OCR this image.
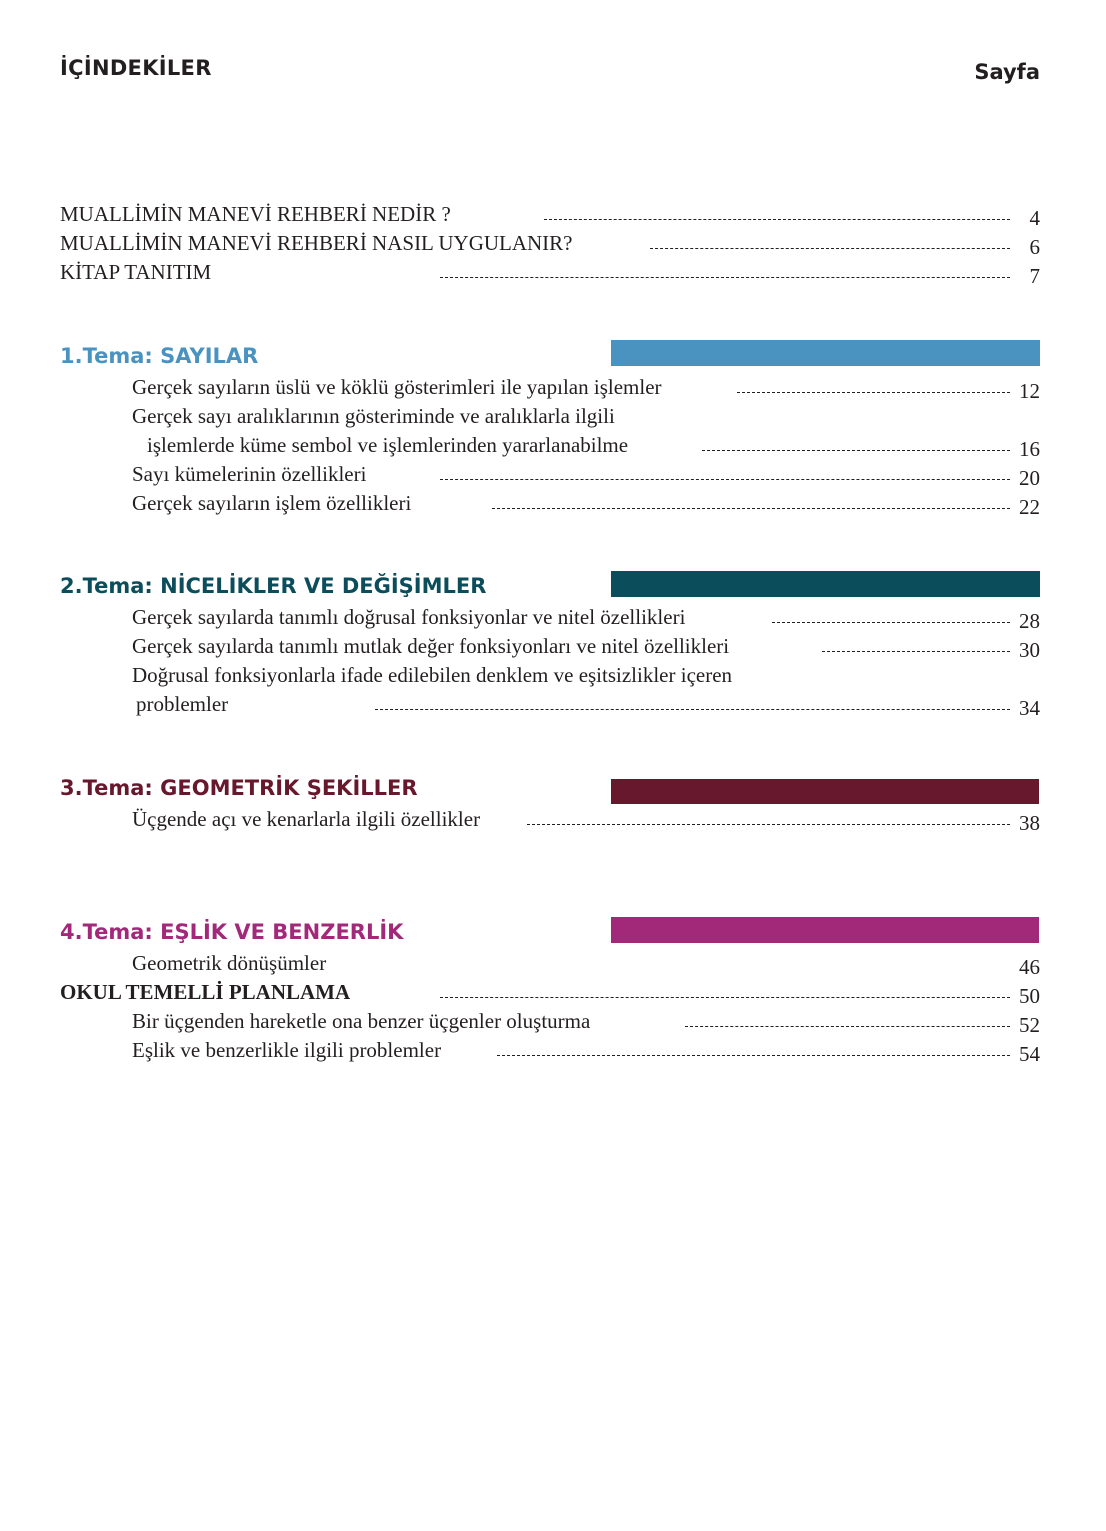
İÇİNDEKİLER	Sayfa
MUALLİMİN MANEVİ REHBERİ NEDİR ?	4
MUALLİMİN MANEVİ REHBERİ NASIL UYGULANIR?	6
KİTAP TANITIM	7
1.Tema: SAYILAR
Gerçek sayıların üslü ve köklü gösterimleri ile yapılan işlemler	12
Gerçek sayı aralıklarının gösteriminde ve aralıklarla ilgili
işlemlerde küme sembol ve işlemlerinden yararlanabilme	16
Sayı kümelerinin özellikleri	20
Gerçek sayıların işlem özellikleri	22
2.Tema: NİCELİKLER VE DEĞİŞİMLER
Gerçek sayılarda tanımlı doğrusal fonksiyonlar ve nitel özellikleri	28
Gerçek sayılarda tanımlı mutlak değer fonksiyonları ve nitel özellikleri	30
Doğrusal fonksiyonlarla ifade edilebilen denklem ve eşitsizlikler içeren
problemler	34
3.Tema: GEOMETRİK ŞEKİLLER
Üçgende açı ve kenarlarla ilgili özellikler	38
4.Tema: EŞLİK VE BENZERLİK
Geometrik dönüşümler	46
OKUL TEMELLİ PLANLAMA	50
Bir üçgenden hareketle ona benzer üçgenler oluşturma	52
Eşlik ve benzerlikle ilgili problemler	54
